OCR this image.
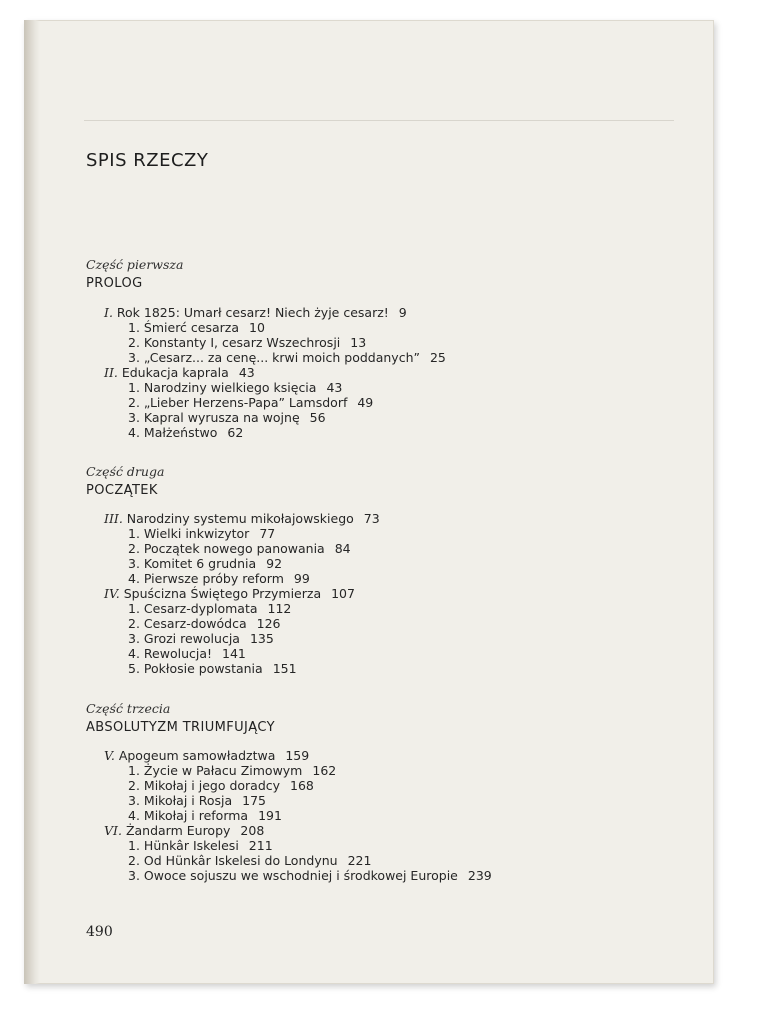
SPIS RZECZY
Część pierwsza
PROLOG
I. Rok 1825: Umarł cesarz! Niech żyje cesarz! 9
1. Śmierć cesarza 10
2. Konstanty I, cesarz Wszechrosji 13
3. „Cesarz... za cenę... krwi moich poddanych” 25
II. Edukacja kaprala 43
1. Narodziny wielkiego księcia 43
2. „Lieber Herzens-Papa” Lamsdorf 49
3. Kapral wyrusza na wojnę 56
4. Małżeństwo 62
Część druga
POCZĄTEK
III. Narodziny systemu mikołajowskiego 73
1. Wielki inkwizytor 77
2. Początek nowego panowania 84
3. Komitet 6 grudnia 92
4. Pierwsze próby reform 99
IV. Spuścizna Świętego Przymierza 107
1. Cesarz-dyplomata 112
2. Cesarz-dowódca 126
3. Grozi rewolucja 135
4. Rewolucja! 141
5. Pokłosie powstania 151
Część trzecia
ABSOLUTYZM TRIUMFUJĄCY
V. Apogeum samowładztwa 159
1. Życie w Pałacu Zimowym 162
2. Mikołaj i jego doradcy 168
3. Mikołaj i Rosja 175
4. Mikołaj i reforma 191
VI. Żandarm Europy 208
1. Hünkâr Iskelesi 211
2. Od Hünkâr Iskelesi do Londynu 221
3. Owoce sojuszu we wschodniej i środkowej Europie 239
490
